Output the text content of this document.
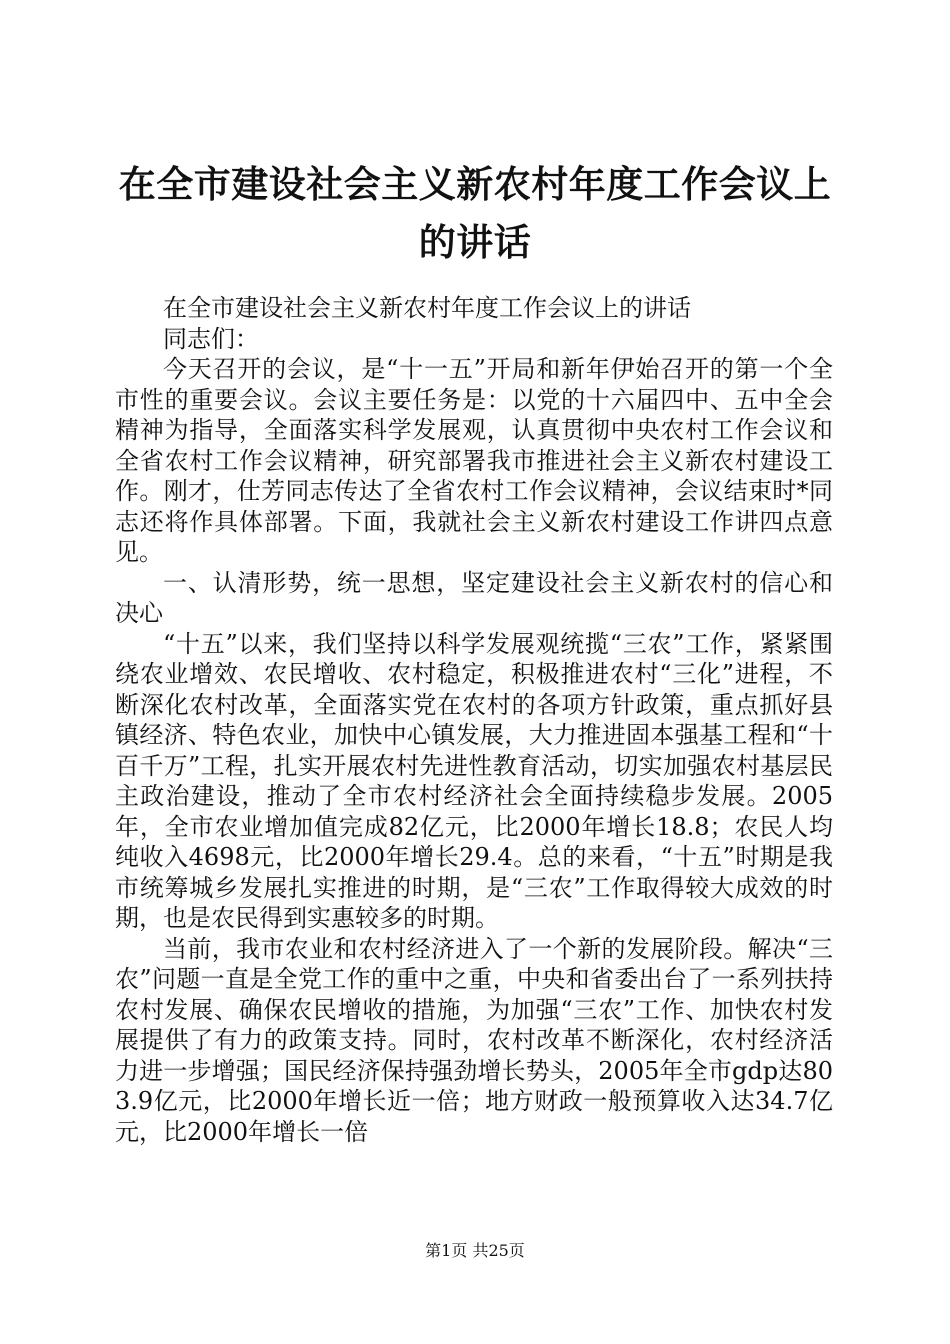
在全市建设社会主义新农村年度工作会议上的讲话

在全市建设社会主义新农村年度工作会议上的讲话

同志们：

今天召开的会议，是“十一五”开局和新年伊始召开的第一个全市性的重要会议。会议主要任务是：以党的十六届四中、五中全会精神为指导，全面落实科学发展观，认真贯彻中央农村工作会议和全省农村工作会议精神，研究部署我市推进社会主义新农村建设工作。刚才，仕芳同志传达了全省农村工作会议精神，会议结束时*同志还将作具体部署。下面，我就社会主义新农村建设工作讲四点意见。

一、认清形势，统一思想，坚定建设社会主义新农村的信心和决心

“十五”以来，我们坚持以科学发展观统揽“三农”工作，紧紧围绕农业增效、农民增收、农村稳定，积极推进农村“三化”进程，不断深化农村改革，全面落实党在农村的各项方针政策，重点抓好县镇经济、特色农业，加快中心镇发展，大力推进固本强基工程和“十百千万”工程，扎实开展农村先进性教育活动，切实加强农村基层民主政治建设，推动了全市农村经济社会全面持续稳步发展。2005年，全市农业增加值完成82亿元，比2000年增长18.8；农民人均纯收入4698元，比2000年增长29.4。总的来看，“十五”时期是我市统筹城乡发展扎实推进的时期，是“三农”工作取得较大成效的时期，也是农民得到实惠较多的时期。

当前，我市农业和农村经济进入了一个新的发展阶段。解决“三农”问题一直是全党工作的重中之重，中央和省委出台了一系列扶持农村发展、确保农民增收的措施，为加强“三农”工作、加快农村发展提供了有力的政策支持。同时，农村改革不断深化，农村经济活力进一步增强；国民经济保持强劲增长势头，2005年全市gdp达803.9亿元，比2000年增长近一倍；地方财政一般预算收入达34.7亿元，比2000年增长一倍

第1页 共25页
